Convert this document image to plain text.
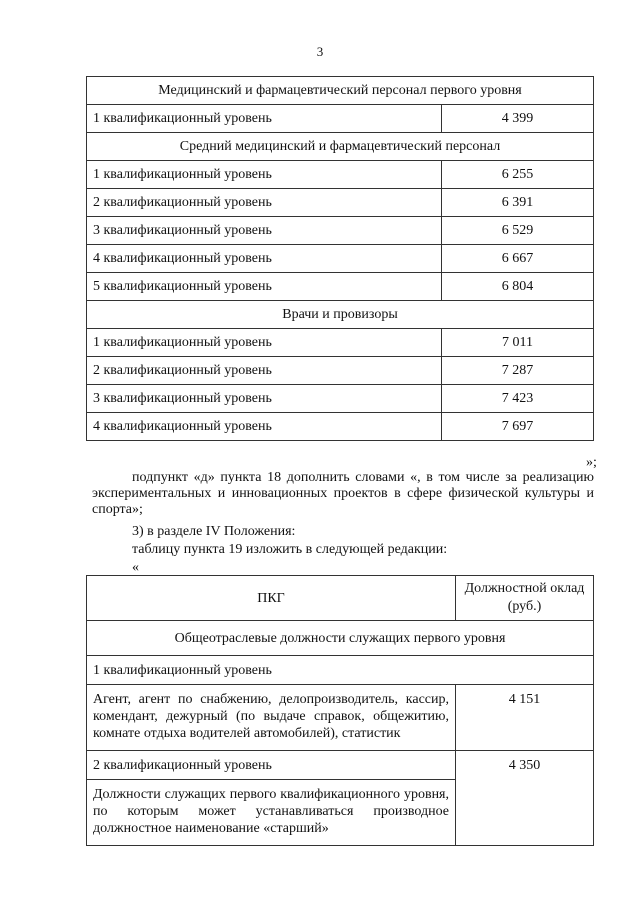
3
Медицинский и фармацевтический персонал первого уровня	
1 квалификационный уровень	4 399
Средний медицинский и фармацевтический персонал	
1 квалификационный уровень	6 255
2 квалификационный уровень	6 391
3 квалификационный уровень	6 529
4 квалификационный уровень	6 667
5 квалификационный уровень	6 804
Врачи и провизоры	
1 квалификационный уровень	7 011
2 квалификационный уровень	7 287
3 квалификационный уровень	7 423
4 квалификационный уровень	7 697
»;
подпункт «д» пункта 18 дополнить словами «, в том числе за реализацию экспериментальных и инновационных проектов в сфере физической культуры и спорта»;
3) в разделе IV Положения:
таблицу пункта 19 изложить в следующей редакции:
«
ПКГ	Должностной оклад (руб.)
Общеотраслевые должности служащих первого уровня	
1 квалификационный уровень	
Агент, агент по снабжению, делопроизводитель, кассир, комендант, дежурный (по выдаче справок, общежитию, комнате отдыха водителей автомобилей), статистик	4 151
2 квалификационный уровень	4 350
Должности служащих первого квалификационного уровня, по которым может устанавливаться производное должностное наименование «старший»	
